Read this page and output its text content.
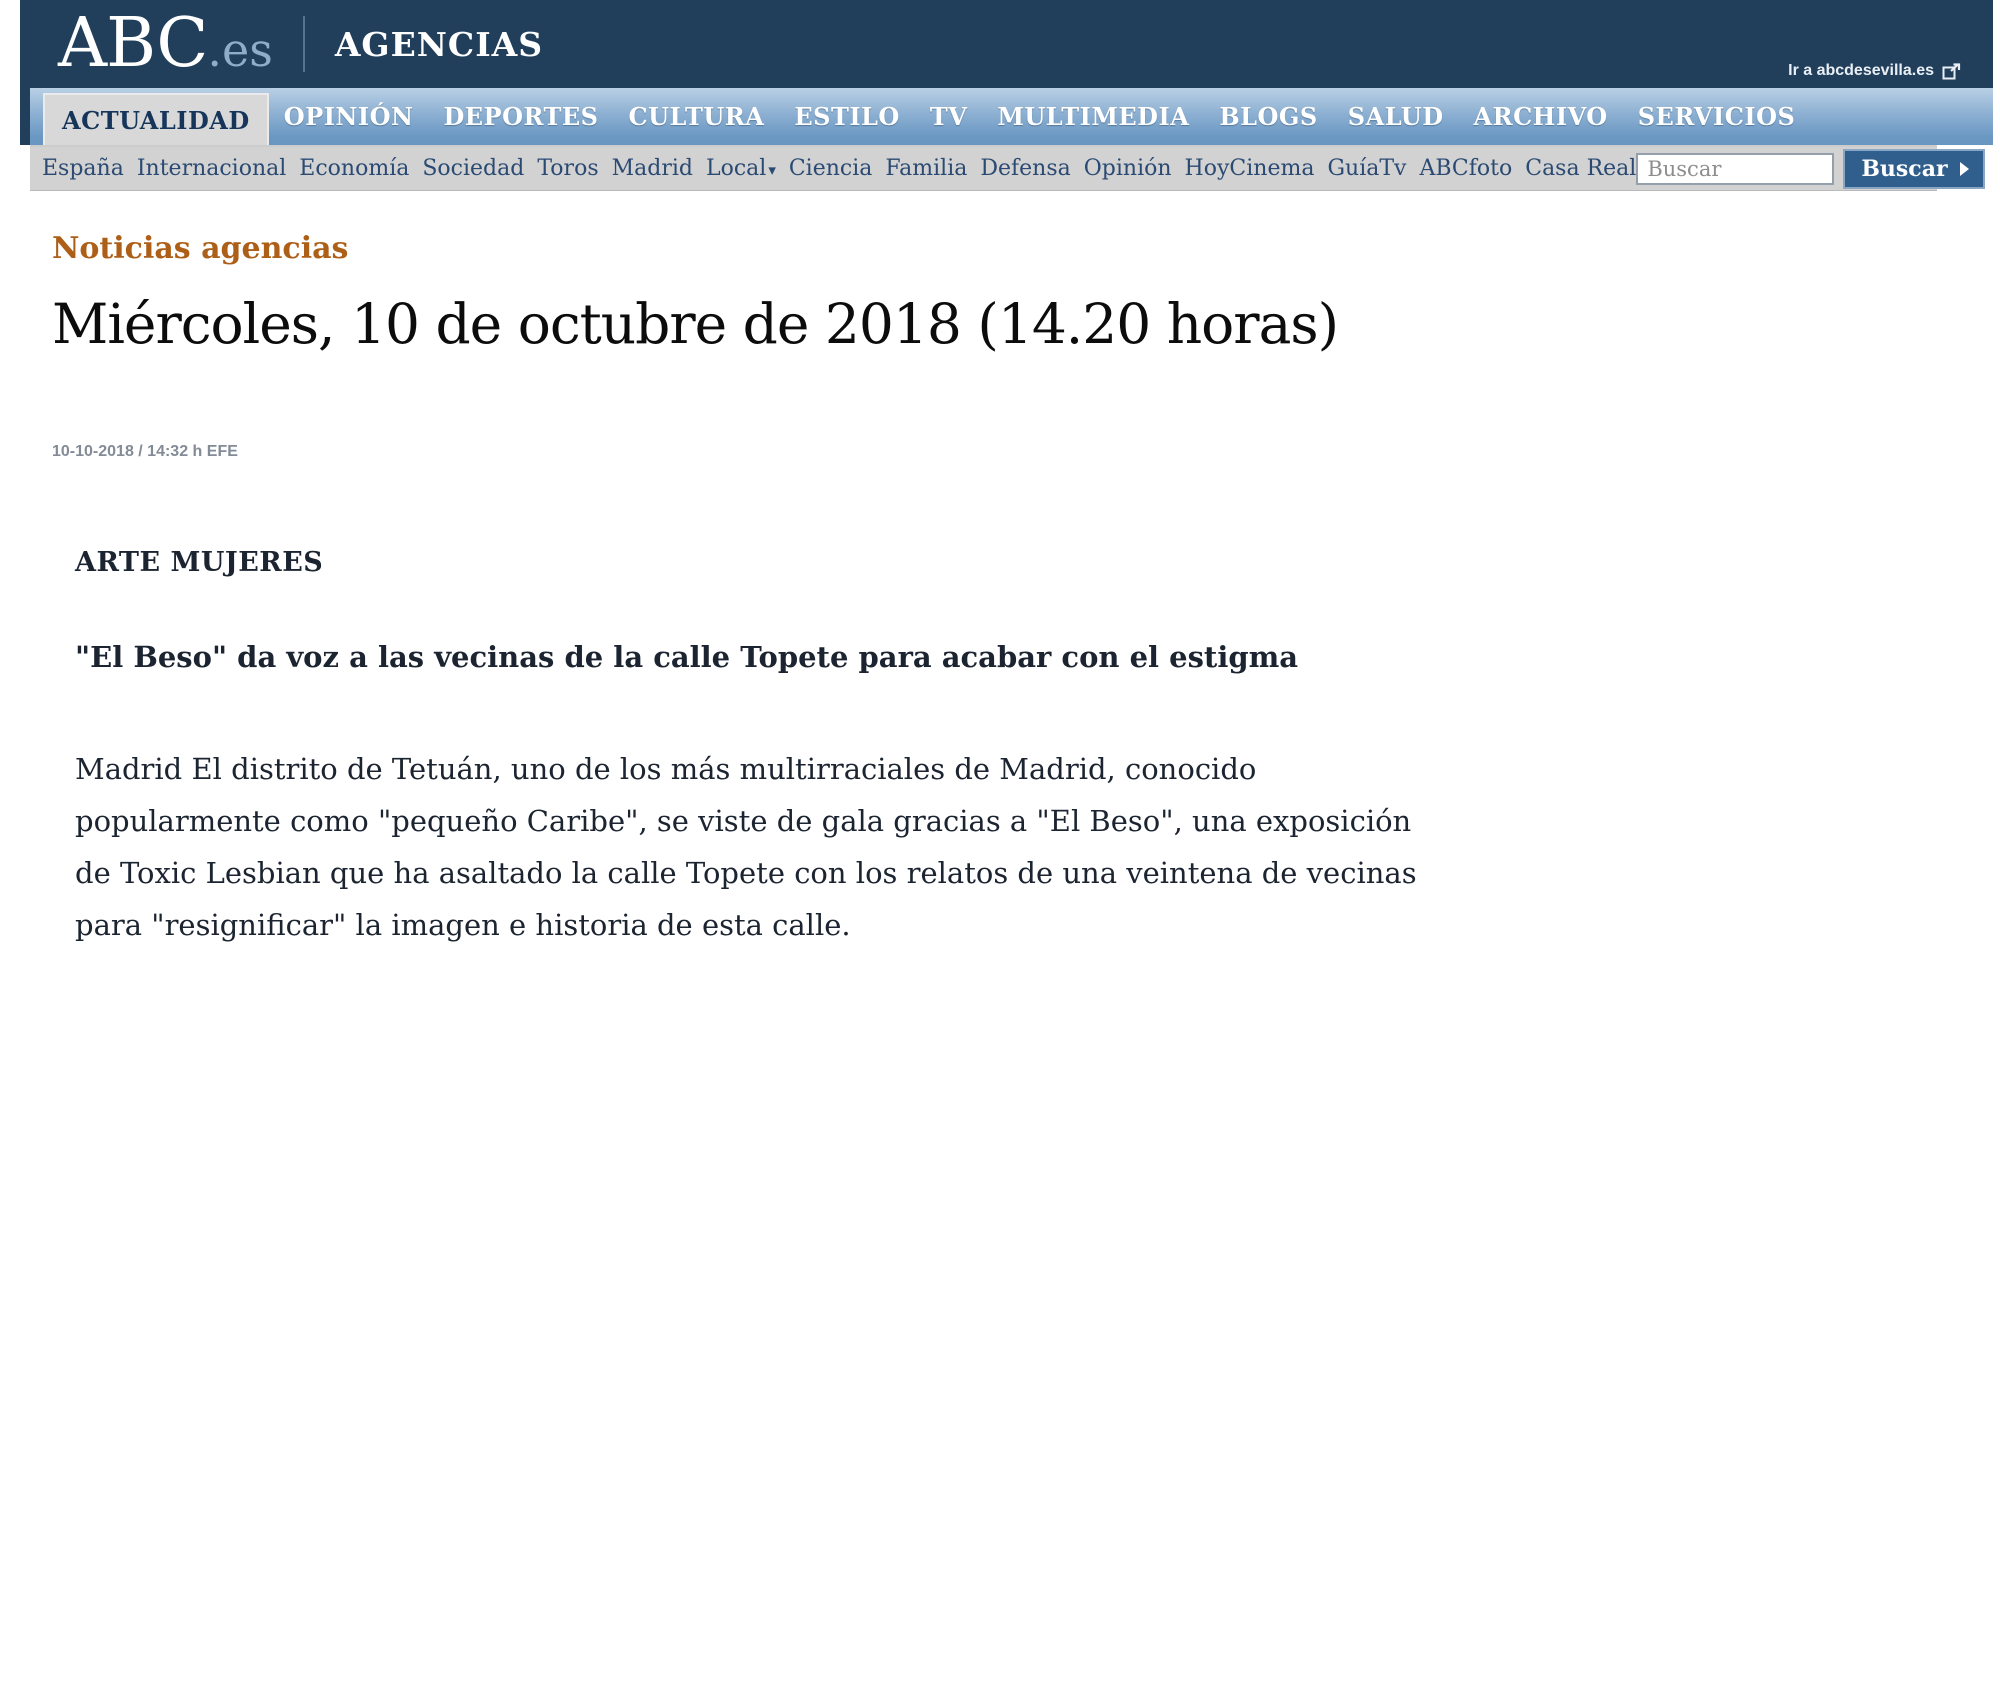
ABC .es AGENCIAS
Ir a abcdesevilla.es
ACTUALIDAD	OPINIÓN	DEPORTES	CULTURA	ESTILO	TV	MULTIMEDIA	BLOGS	SALUD	ARCHIVO	SERVICIOS
España Internacional Economía Sociedad Toros Madrid Local ▾ Ciencia Familia Defensa Opinión HoyCinema GuíaTv ABCfoto Casa Real
Buscar	Buscar
Noticias agencias
Miércoles, 10 de octubre de 2018 (14.20 horas)
10-10-2018 / 14:32 h EFE
ARTE MUJERES
"El Beso" da voz a las vecinas de la calle Topete para acabar con el estigma
Madrid El distrito de Tetuán, uno de los más multirraciales de Madrid, conocido popularmente como "pequeño Caribe", se viste de gala gracias a "El Beso", una exposición de Toxic Lesbian que ha asaltado la calle Topete con los relatos de una veintena de vecinas para "resignificar" la imagen e historia de esta calle.
